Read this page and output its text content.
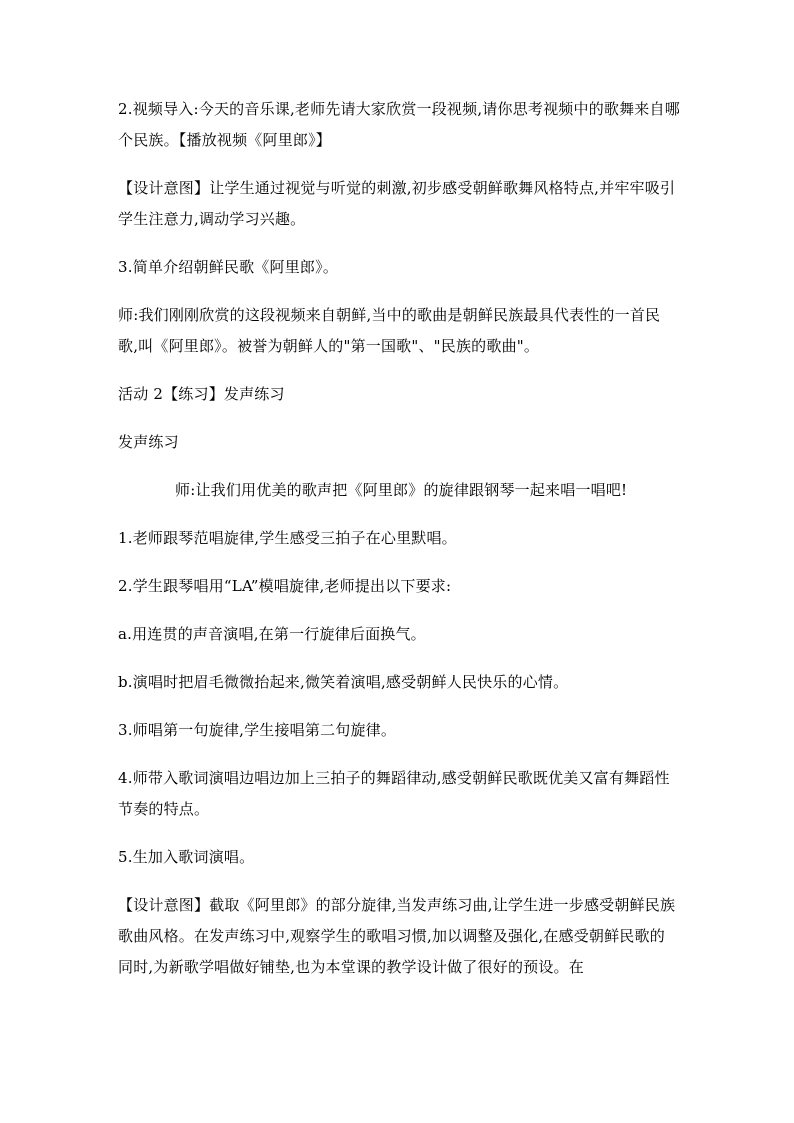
2.视频导入:今天的音乐课,老师先请大家欣赏一段视频,请你思考视频中的歌舞来自哪个民族。【播放视频《阿里郎》】
【设计意图】让学生通过视觉与听觉的刺激,初步感受朝鲜歌舞风格特点,并牢牢吸引学生注意力,调动学习兴趣。
3.简单介绍朝鲜民歌《阿里郎》。
师:我们刚刚欣赏的这段视频来自朝鲜,当中的歌曲是朝鲜民族最具代表性的一首民歌,叫《阿里郎》。被誉为朝鲜人的"第一国歌"、"民族的歌曲"。
活动 2【练习】发声练习
发声练习
师:让我们用优美的歌声把《阿里郎》的旋律跟钢琴一起来唱一唱吧!
1.老师跟琴范唱旋律,学生感受三拍子在心里默唱。
2.学生跟琴唱用“LA”模唱旋律,老师提出以下要求:
a.用连贯的声音演唱,在第一行旋律后面换气。
b.演唱时把眉毛微微抬起来,微笑着演唱,感受朝鲜人民快乐的心情。
3.师唱第一句旋律,学生接唱第二句旋律。
4.师带入歌词演唱边唱边加上三拍子的舞蹈律动,感受朝鲜民歌既优美又富有舞蹈性节奏的特点。
5.生加入歌词演唱。
【设计意图】截取《阿里郎》的部分旋律,当发声练习曲,让学生进一步感受朝鲜民族歌曲风格。在发声练习中,观察学生的歌唱习惯,加以调整及强化,在感受朝鲜民歌的同时,为新歌学唱做好铺垫,也为本堂课的教学设计做了很好的预设。在
